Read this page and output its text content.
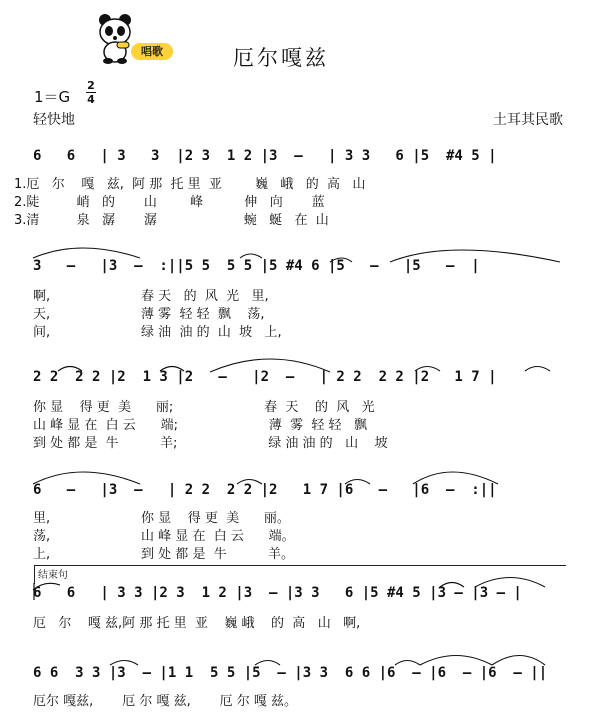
唱歌	厄尔嘎兹
1＝G
2
4
轻快地	土耳其民歌
6   6   | 3   3  |2 3  1 2 |3  –   | 3 3   6 |5  #4 5 |
1.厄   尔    嘎   兹,  阿 那  托 里  亚        巍   峨   的  高   山
2.陡         峭   的       山        峰          伸   向       蓝
3.清         泉   潺       潺                     蜿   蜒   在  山
3   –   |3  –  :||5 5  5 5 |5 #4 6 |5   –   |5   –  |
啊,                      春 天   的  风  光   里,
天,                      薄 雾  轻 轻  飘    荡,
间,                      绿 油  油 的  山  坡   上,
2 2  2 2 |2  1 3 |2   –   |2  –   | 2 2  2 2 |2   1 7 |
你 显    得 更  美      丽;                      春  天    的  风   光
山 峰 显 在  白 云      端;                      薄  雾  轻 轻   飘
到 处 都 是  牛          羊;                      绿 油 油 的   山    坡
6   –   |3  –   | 2 2  2 2 |2   1 7 |6   –   |6  –  :||
里,                      你 显    得 更  美      丽。
荡,                      山 峰 显 在  白 云      端。
上,                      到 处 都 是  牛          羊。
结束句
6   6   | 3 3 |2 3  1 2 |3  – |3 3   6 |5 #4 5 |3 – |3 – |
厄   尔    嘎 兹,阿 那 托 里  亚    巍 峨    的  高   山   啊,
6 6  3 3 |3  – |1 1  5 5 |5  – |3 3  6 6 |6  – |6  – |6  – ||
厄尔 嘎兹,       厄 尔 嘎 兹,       厄 尔 嘎 兹。
